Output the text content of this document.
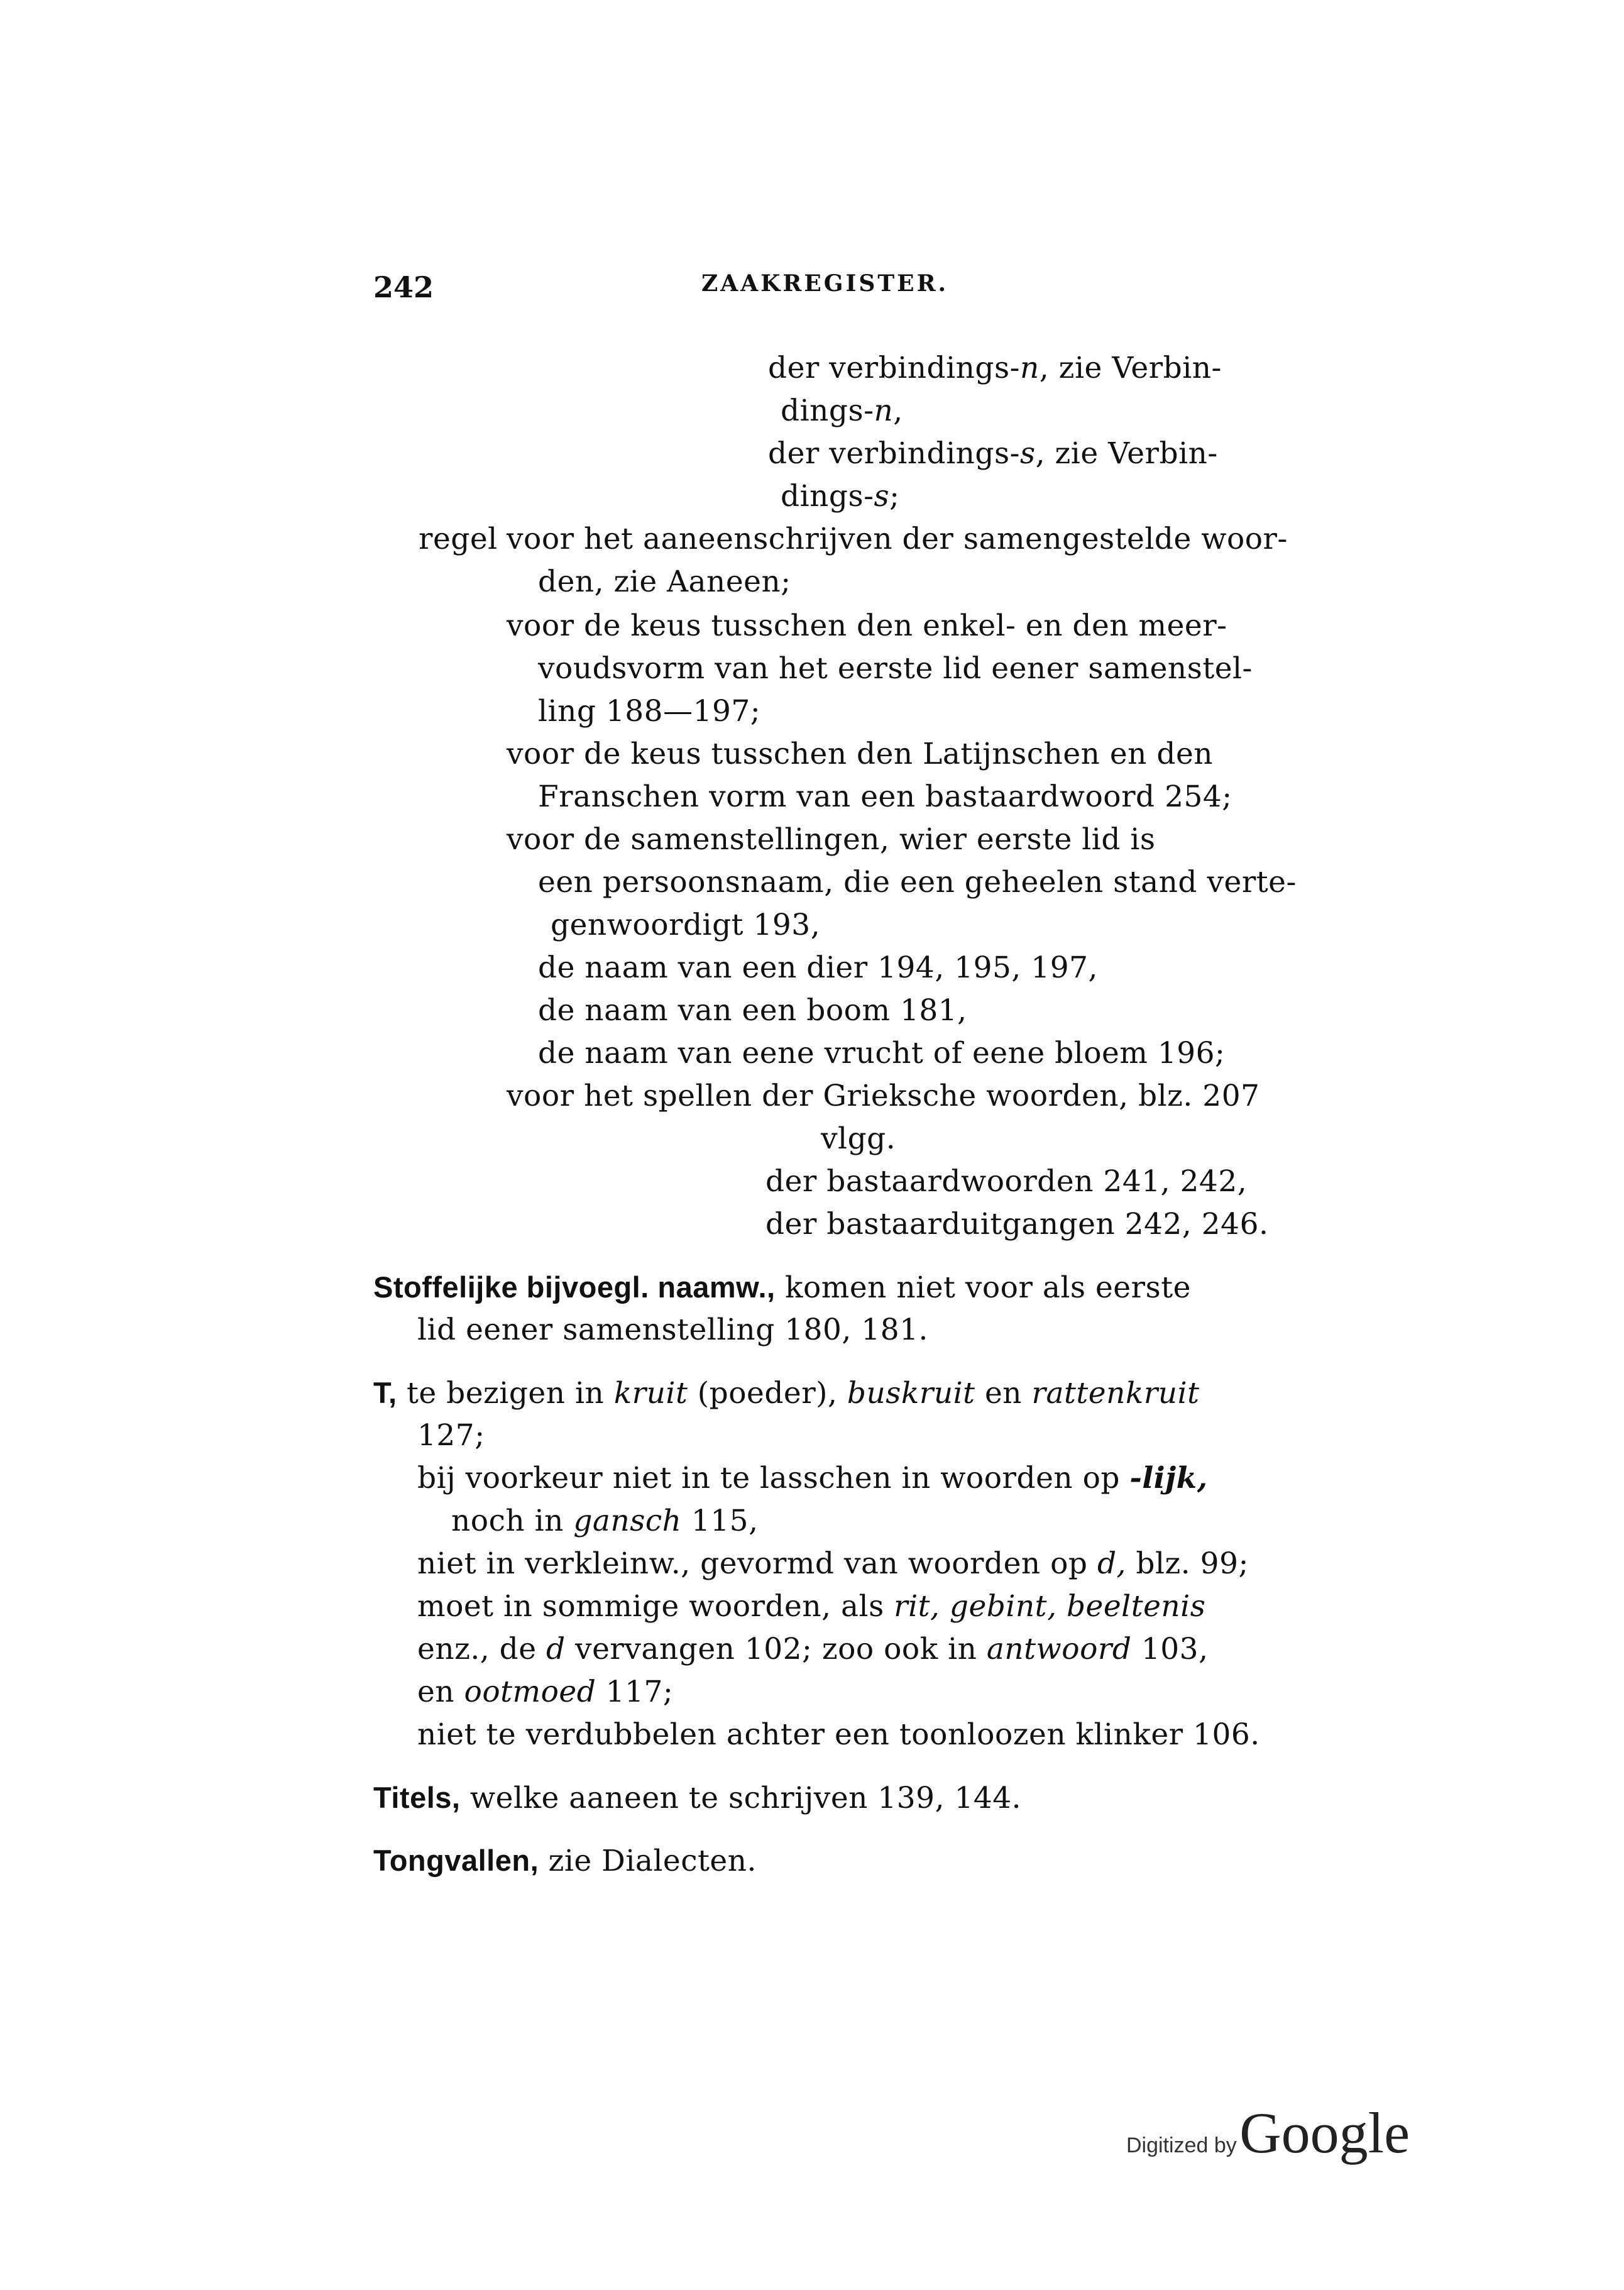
242	ZAAKREGISTER.
der verbindings-n, zie Verbin-
dings-n,
der verbindings-s, zie Verbin-
dings-s;
regel voor het aaneenschrijven der samengestelde woor-
den, zie Aaneen;
voor de keus tusschen den enkel- en den meer-
voudsvorm van het eerste lid eener samenstel-
ling 188—197;
voor de keus tusschen den Latijnschen en den
Franschen vorm van een bastaardwoord 254;
voor de samenstellingen, wier eerste lid is
een persoonsnaam, die een geheelen stand verte-
genwoordigt 193,
de naam van een dier 194, 195, 197,
de naam van een boom 181,
de naam van eene vrucht of eene bloem 196;
voor het spellen der Grieksche woorden, blz. 207
vlgg.
der bastaardwoorden 241, 242,
der bastaarduitgangen 242, 246.
Stoffelijke bijvoegl. naamw., komen niet voor als eerste
lid eener samenstelling 180, 181.
T, te bezigen in kruit (poeder), buskruit en rattenkruit
127;
bij voorkeur niet in te lasschen in woorden op -lijk,
noch in gansch 115,
niet in verkleinw., gevormd van woorden op d, blz. 99;
moet in sommige woorden, als rit, gebint, beeltenis
enz., de d vervangen 102; zoo ook in antwoord 103,
en ootmoed 117;
niet te verdubbelen achter een toonloozen klinker 106.
Titels, welke aaneen te schrijven 139, 144.
Tongvallen, zie Dialecten.
Digitized by Google
